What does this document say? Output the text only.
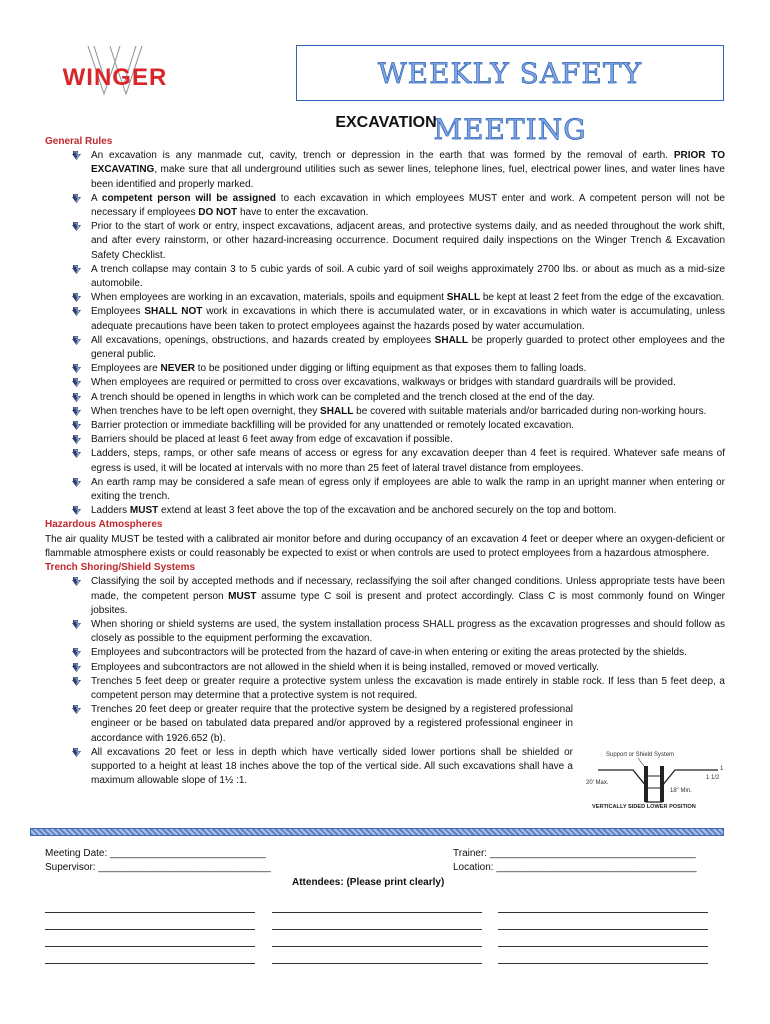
WINGER	WEEKLY SAFETY MEETING
EXCAVATION
General Rules
An excavation is any manmade cut, cavity, trench or depression in the earth that was formed by the removal of earth. PRIOR TO EXCAVATING, make sure that all underground utilities such as sewer lines, telephone lines, fuel, electrical power lines, and water lines have been identified and properly marked.
A competent person will be assigned to each excavation in which employees MUST enter and work. A competent person will not be necessary if employees DO NOT have to enter the excavation.
Prior to the start of work or entry, inspect excavations, adjacent areas, and protective systems daily, and as needed throughout the work shift, and after every rainstorm, or other hazard-increasing occurrence. Document required daily inspections on the Winger Trench & Excavation Safety Checklist.
A trench collapse may contain 3 to 5 cubic yards of soil. A cubic yard of soil weighs approximately 2700 lbs. or about as much as a mid-size automobile.
When employees are working in an excavation, materials, spoils and equipment SHALL be kept at least 2 feet from the edge of the excavation.
Employees SHALL NOT work in excavations in which there is accumulated water, or in excavations in which water is accumulating, unless adequate precautions have been taken to protect employees against the hazards posed by water accumulation.
All excavations, openings, obstructions, and hazards created by employees SHALL be properly guarded to protect other employees and the general public.
Employees are NEVER to be positioned under digging or lifting equipment as that exposes them to falling loads.
When employees are required or permitted to cross over excavations, walkways or bridges with standard guardrails will be provided.
A trench should be opened in lengths in which work can be completed and the trench closed at the end of the day.
When trenches have to be left open overnight, they SHALL be covered with suitable materials and/or barricaded during non-working hours.
Barrier protection or immediate backfilling will be provided for any unattended or remotely located excavation.
Barriers should be placed at least 6 feet away from edge of excavation if possible.
Ladders, steps, ramps, or other safe means of access or egress for any excavation deeper than 4 feet is required. Whatever safe means of egress is used, it will be located at intervals with no more than 25 feet of lateral travel distance from employees.
An earth ramp may be considered a safe mean of egress only if employees are able to walk the ramp in an upright manner when entering or exiting the trench.
Ladders MUST extend at least 3 feet above the top of the excavation and be anchored securely on the top and bottom.
Hazardous Atmospheres

The air quality MUST be tested with a calibrated air monitor before and during occupancy of an excavation 4 feet or deeper where an oxygen-deficient or flammable atmosphere exists or could reasonably be expected to exist or when controls are used to protect employees from a hazardous atmosphere.

Trench Shoring/Shield Systems
Classifying the soil by accepted methods and if necessary, reclassifying the soil after changed conditions. Unless appropriate tests have been made, the competent person MUST assume type C soil is present and protect accordingly. Class C is most commonly found on Winger jobsites.
When shoring or shield systems are used, the system installation process SHALL progress as the excavation progresses and should follow as closely as possible to the equipment performing the excavation.
Employees and subcontractors will be protected from the hazard of cave-in when entering or exiting the areas protected by the shields.
Employees and subcontractors are not allowed in the shield when it is being installed, removed or moved vertically.
Trenches 5 feet deep or greater require a protective system unless the excavation is made entirely in stable rock. If less than 5 feet deep, a competent person may determine that a protective system is not required.
Trenches 20 feet deep or greater require that the protective system be designed by a registered professional engineer or be based on tabulated data prepared and/or approved by a registered professional engineer in accordance with 1926.652 (b).
All excavations 20 feet or less in depth which have vertically sided lower portions shall be shielded or supported to a height at least 18 inches above the top of the vertical side. All such excavations shall have a maximum allowable slope of 1½ :1.
Support or Shield System
20' Max.
18" Min.
1 1/2
1
VERTICALLY SIDED LOWER POSITION
Meeting Date: ____________________________
Supervisor: _______________________________
Trainer: _____________________________________
Location: ____________________________________
Attendees: (Please print clearly)
